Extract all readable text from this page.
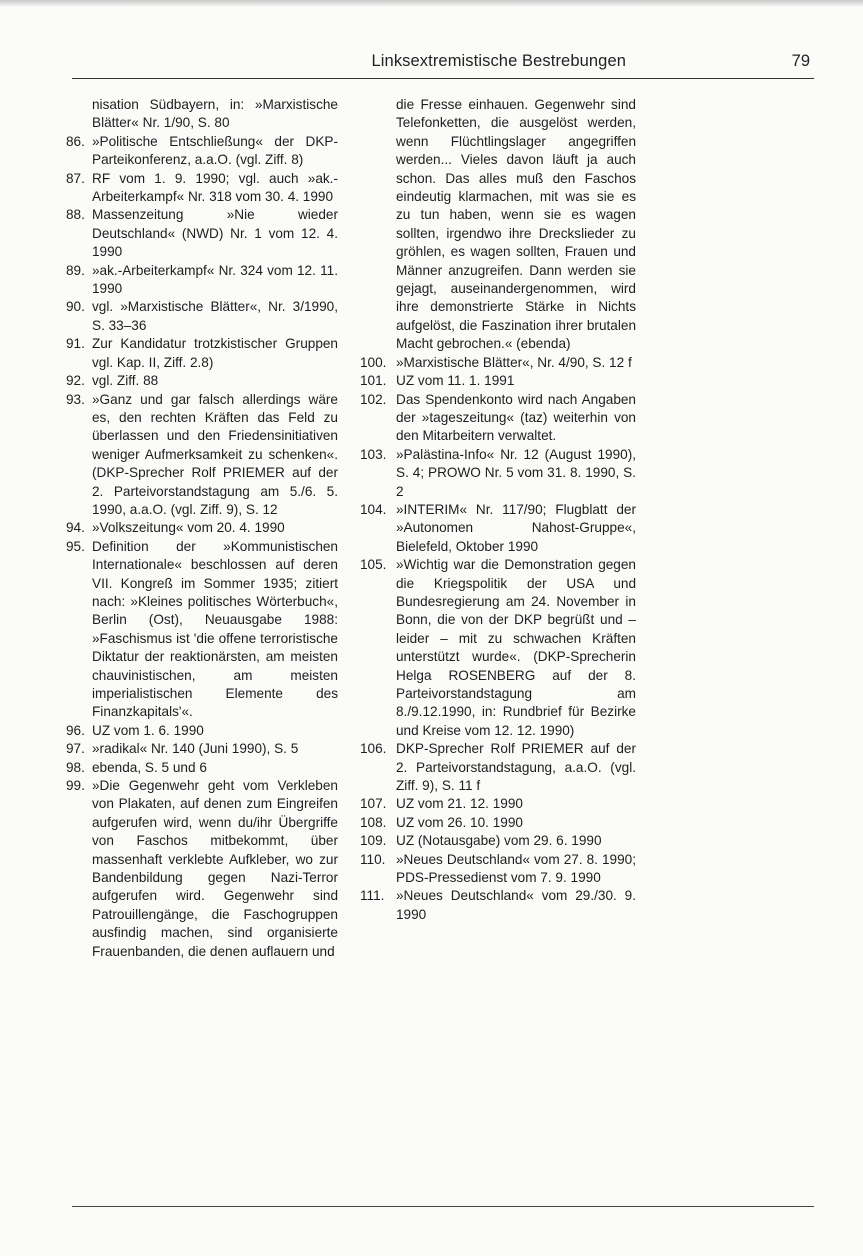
Linksextremistische Bestrebungen	79
nisation Südbayern, in: »Marxistische Blätter« Nr. 1/90, S. 80
86. »Politische Entschließung« der DKP-Parteikonferenz, a.a.O. (vgl. Ziff. 8)
87. RF vom 1. 9. 1990; vgl. auch »ak.-Arbeiterkampf« Nr. 318 vom 30. 4. 1990
88. Massenzeitung »Nie wieder Deutschland« (NWD) Nr. 1 vom 12. 4. 1990
89. »ak.-Arbeiterkampf« Nr. 324 vom 12. 11. 1990
90. vgl. »Marxistische Blätter«, Nr. 3/1990, S. 33–36
91. Zur Kandidatur trotzkistischer Gruppen vgl. Kap. II, Ziff. 2.8)
92. vgl. Ziff. 88
93. »Ganz und gar falsch allerdings wäre es, den rechten Kräften das Feld zu überlassen und den Friedensinitiativen weniger Aufmerksamkeit zu schenken«. (DKP-Sprecher Rolf PRIEMER auf der 2. Parteivorstandstagung am 5./6. 5. 1990, a.a.O. (vgl. Ziff. 9), S. 12
94. »Volkszeitung« vom 20. 4. 1990
95. Definition der »Kommunistischen Internationale« beschlossen auf deren VII. Kongreß im Sommer 1935; zitiert nach: »Kleines politisches Wörterbuch«, Berlin (Ost), Neuausgabe 1988: »Faschismus ist 'die offene terroristische Diktatur der reaktionärsten, am meisten chauvinistischen, am meisten imperialistischen Elemente des Finanzkapitals'«.
96. UZ vom 1. 6. 1990
97. »radikal« Nr. 140 (Juni 1990), S. 5
98. ebenda, S. 5 und 6
99. »Die Gegenwehr geht vom Verkleben von Plakaten, auf denen zum Eingreifen aufgerufen wird, wenn du/ihr Übergriffe von Faschos mitbekommt, über massenhaft verklebte Aufkleber, wo zur Bandenbildung gegen Nazi-Terror aufgerufen wird. Gegenwehr sind Patrouillengänge, die Faschogruppen ausfindig machen, sind organisierte Frauenbanden, die denen auflauern und
die Fresse einhauen. Gegenwehr sind Telefonketten, die ausgelöst werden, wenn Flüchtlingslager angegriffen werden... Vieles davon läuft ja auch schon. Das alles muß den Faschos eindeutig klarmachen, mit was sie es zu tun haben, wenn sie es wagen sollten, irgendwo ihre Dreckslieder zu gröhlen, es wagen sollten, Frauen und Männer anzugreifen. Dann werden sie gejagt, auseinandergenommen, wird ihre demonstrierte Stärke in Nichts aufgelöst, die Faszination ihrer brutalen Macht gebrochen.« (ebenda)
100. »Marxistische Blätter«, Nr. 4/90, S. 12 f
101. UZ vom 11. 1. 1991
102. Das Spendenkonto wird nach Angaben der »tageszeitung« (taz) weiterhin von den Mitarbeitern verwaltet.
103. »Palästina-Info« Nr. 12 (August 1990), S. 4; PROWO Nr. 5 vom 31. 8. 1990, S. 2
104. »INTERIM« Nr. 117/90; Flugblatt der »Autonomen Nahost-Gruppe«, Bielefeld, Oktober 1990
105. »Wichtig war die Demonstration gegen die Kriegspolitik der USA und Bundesregierung am 24. November in Bonn, die von der DKP begrüßt und – leider – mit zu schwachen Kräften unterstützt wurde«. (DKP-Sprecherin Helga ROSENBERG auf der 8. Parteivorstandstagung am 8./9.12.1990, in: Rundbrief für Bezirke und Kreise vom 12. 12. 1990)
106. DKP-Sprecher Rolf PRIEMER auf der 2. Parteivorstandstagung, a.a.O. (vgl. Ziff. 9), S. 11 f
107. UZ vom 21. 12. 1990
108. UZ vom 26. 10. 1990
109. UZ (Notausgabe) vom 29. 6. 1990
110. »Neues Deutschland« vom 27. 8. 1990; PDS-Pressedienst vom 7. 9. 1990
111. »Neues Deutschland« vom 29./30. 9. 1990
